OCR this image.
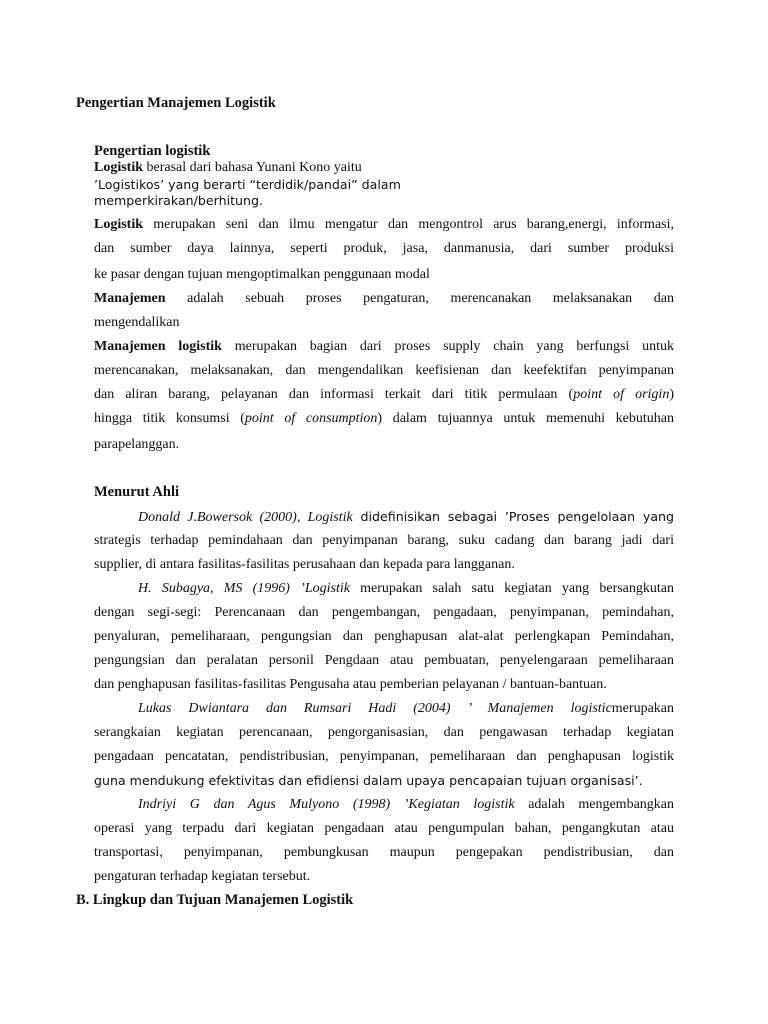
Pengertian Manajemen Logistik
Pengertian logistik
Logistik berasal dari bahasa Yunani Kono yaitu
’Logistikos’ yang berarti “terdidik/pandai” dalam
memperkirakan/berhitung.
Logistik merupakan seni dan ilmu mengatur dan mengontrol arus barang,energi, informasi,
dan sumber daya lainnya, seperti produk, jasa, danmanusia, dari sumber produksi
ke pasar dengan tujuan mengoptimalkan penggunaan modal
Manajemen adalah sebuah proses pengaturan, merencanakan melaksanakan dan
mengendalikan
Manajemen logistik merupakan bagian dari proses supply chain yang berfungsi untuk
merencanakan, melaksanakan, dan mengendalikan keefisienan dan keefektifan penyimpanan
dan aliran barang, pelayanan dan informasi terkait dari titik permulaan (point of origin)
hingga titik konsumsi (point of consumption) dalam tujuannya untuk memenuhi kebutuhan
parapelanggan.
Menurut Ahli
Donald J.Bowersok (2000), Logistik didefinisikan sebagai ’Proses pengelolaan yang
strategis terhadap pemindahaan dan penyimpanan barang, suku cadang dan barang jadi dari
supplier, di antara fasilitas-fasilitas perusahaan dan kepada para langganan.
H. Subagya, MS (1996) ’Logistik merupakan salah satu kegiatan yang bersangkutan
dengan segi-segi: Perencanaan dan pengembangan, pengadaan, penyimpanan, pemindahan,
penyaluran, pemeliharaan, pengungsian dan penghapusan alat-alat perlengkapan Pemindahan,
pengungsian dan peralatan personil Pengdaan atau pembuatan, penyelengaraan pemeliharaan
dan penghapusan fasilitas-fasilitas Pengusaha atau pemberian pelayanan / bantuan-bantuan.
Lukas Dwiantara dan Rumsari Hadi (2004) ’ Manajemen logisticmerupakan
serangkaian kegiatan perencanaan, pengorganisasian, dan pengawasan terhadap kegiatan
pengadaan pencatatan, pendistribusian, penyimpanan, pemeliharaan dan penghapusan logistik
guna mendukung efektivitas dan efidiensi dalam upaya pencapaian tujuan organisasi’.
Indriyi G dan Agus Mulyono (1998) ’Kegiatan logistik adalah mengembangkan
operasi yang terpadu dari kegiatan pengadaan atau pengumpulan bahan, pengangkutan atau
transportasi, penyimpanan, pembungkusan maupun pengepakan pendistribusian, dan
pengaturan terhadap kegiatan tersebut.
B. Lingkup dan Tujuan Manajemen Logistik
